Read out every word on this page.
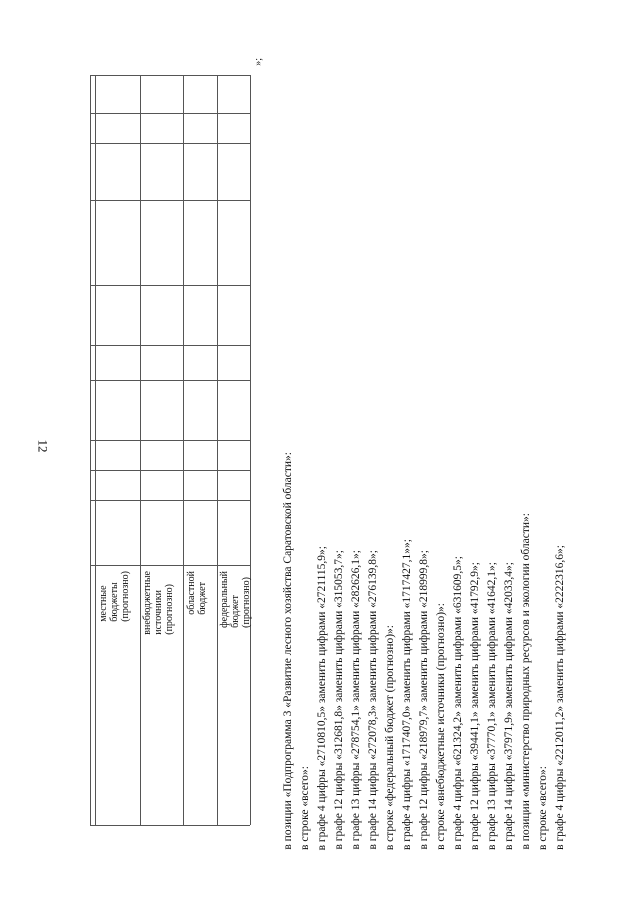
12
местные
бюджеты
(прогнозно) внебюджетные
источники
(прогнозно) областной
бюджет федеральный
бюджет
(прогнозно)
»;
в позиции «Подпрограмма 3 «Развитие лесного хозяйства Саратовской области»: в строке «всего»: в графе 4 цифры «2710810,5» заменить цифрами «2721115,9»; в графе 12 цифры «312681,8» заменить цифрами «315053,7»; в графе 13 цифры «278754,1» заменить цифрами «282626,1»; в графе 14 цифры «272078,3» заменить цифрами «276139,8»; в строке «федеральный бюджет (прогнозно)»: в графе 4 цифры «1717407,0» заменить цифрами «1717427,1»»; в графе 12 цифры «218979,7» заменить цифрами «218999,8»; в строке «внебюджетные источники (прогнозно)»: в графе 4 цифры «621324,2» заменить цифрами «631609,5»; в графе 12 цифры «39441,1» заменить цифрами «41792,9»; в графе 13 цифры «37770,1» заменить цифрами «41642,1»; в графе 14 цифры «37971,9» заменить цифрами «42033,4»; в позиции «министерство природных ресурсов и экологии области»: в строке «всего»: в графе 4 цифры «2212011,2» заменить цифрами «2222316,6»;
